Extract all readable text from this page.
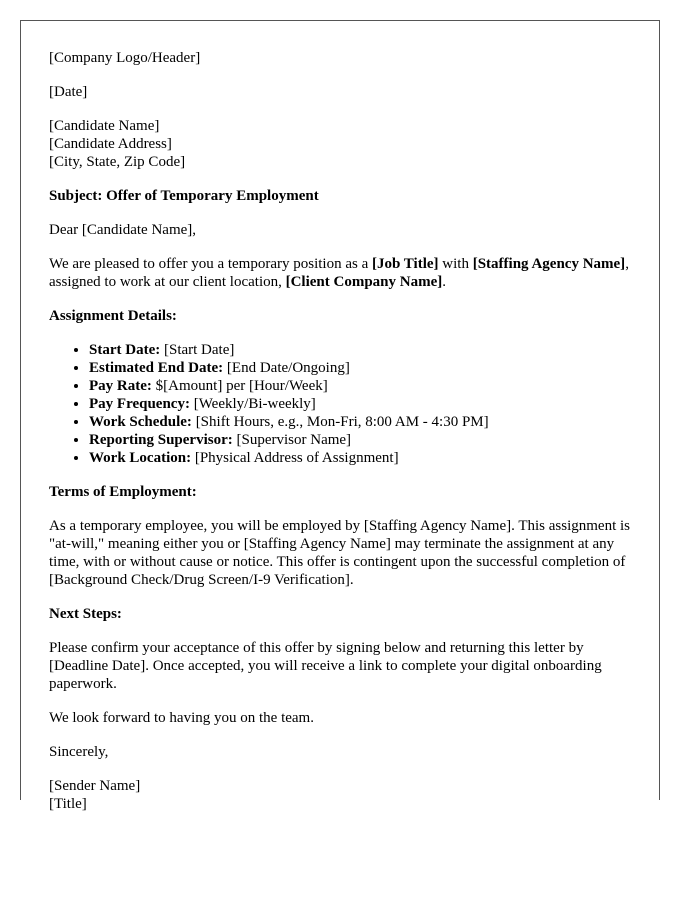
[Company Logo/Header]

[Date]

[Candidate Name]
[Candidate Address]
[City, State, Zip Code]

Subject: Offer of Temporary Employment

Dear [Candidate Name],

We are pleased to offer you a temporary position as a [Job Title] with [Staffing Agency Name], assigned to work at our client location, [Client Company Name].

Assignment Details:

• Start Date: [Start Date]
• Estimated End Date: [End Date/Ongoing]
• Pay Rate: $[Amount] per [Hour/Week]
• Pay Frequency: [Weekly/Bi-weekly]
• Work Schedule: [Shift Hours, e.g., Mon-Fri, 8:00 AM - 4:30 PM]
• Reporting Supervisor: [Supervisor Name]
• Work Location: [Physical Address of Assignment]

Terms of Employment:

As a temporary employee, you will be employed by [Staffing Agency Name]. This assignment is "at-will," meaning either you or [Staffing Agency Name] may terminate the assignment at any time, with or without cause or notice. This offer is contingent upon the successful completion of [Background Check/Drug Screen/I-9 Verification].

Next Steps:

Please confirm your acceptance of this offer by signing below and returning this letter by [Deadline Date]. Once accepted, you will receive a link to complete your digital onboarding paperwork.

We look forward to having you on the team.

Sincerely,

[Sender Name]
[Title]
